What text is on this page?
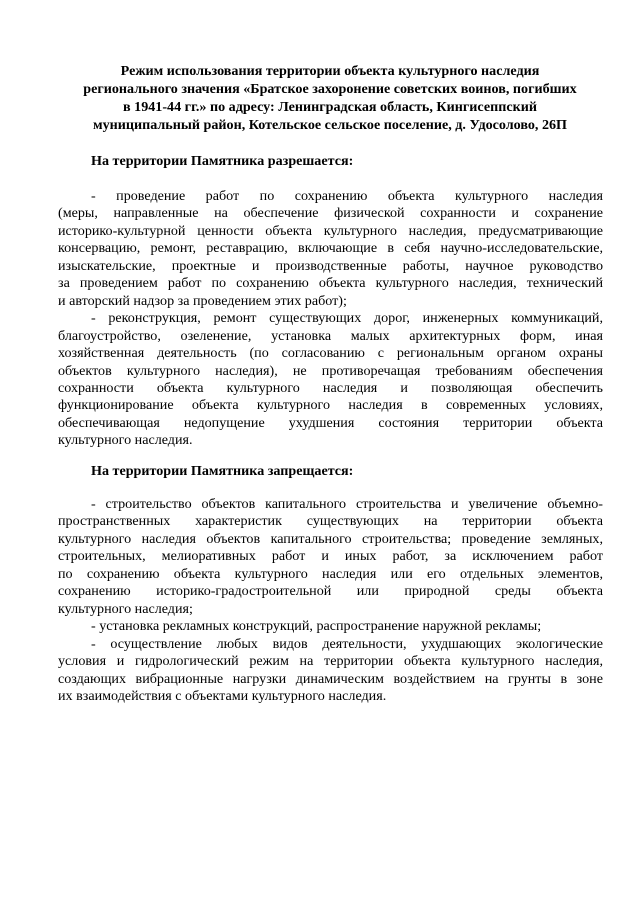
Режим использования территории объекта культурного наследия
регионального значения «Братское захоронение советских воинов, погибших
в 1941-44 гг.» по адресу: Ленинградская область, Кингисеппский
муниципальный район, Котельское сельское поселение, д. Удосолово, 26П
На территории Памятника разрешается:
- проведение работ по сохранению объекта культурного наследия
(меры, направленные на обеспечение физической сохранности и сохранение
историко-культурной ценности объекта культурного наследия, предусматривающие
консервацию, ремонт, реставрацию, включающие в себя научно-исследовательские,
изыскательские, проектные и производственные работы, научное руководство
за проведением работ по сохранению объекта культурного наследия, технический
и авторский надзор за проведением этих работ);
- реконструкция, ремонт существующих дорог, инженерных коммуникаций,
благоустройство, озеленение, установка малых архитектурных форм, иная
хозяйственная деятельность (по согласованию с региональным органом охраны
объектов культурного наследия), не противоречащая требованиям обеспечения
сохранности объекта культурного наследия и позволяющая обеспечить
функционирование объекта культурного наследия в современных условиях,
обеспечивающая недопущение ухудшения состояния территории объекта
культурного наследия.
На территории Памятника запрещается:
- строительство объектов капитального строительства и увеличение объемно-
пространственных характеристик существующих на территории объекта
культурного наследия объектов капитального строительства; проведение земляных,
строительных, мелиоративных работ и иных работ, за исключением работ
по сохранению объекта культурного наследия или его отдельных элементов,
сохранению историко-градостроительной или природной среды объекта
культурного наследия;
- установка рекламных конструкций, распространение наружной рекламы;
- осуществление любых видов деятельности, ухудшающих экологические
условия и гидрологический режим на территории объекта культурного наследия,
создающих вибрационные нагрузки динамическим воздействием на грунты в зоне
их взаимодействия с объектами культурного наследия.
